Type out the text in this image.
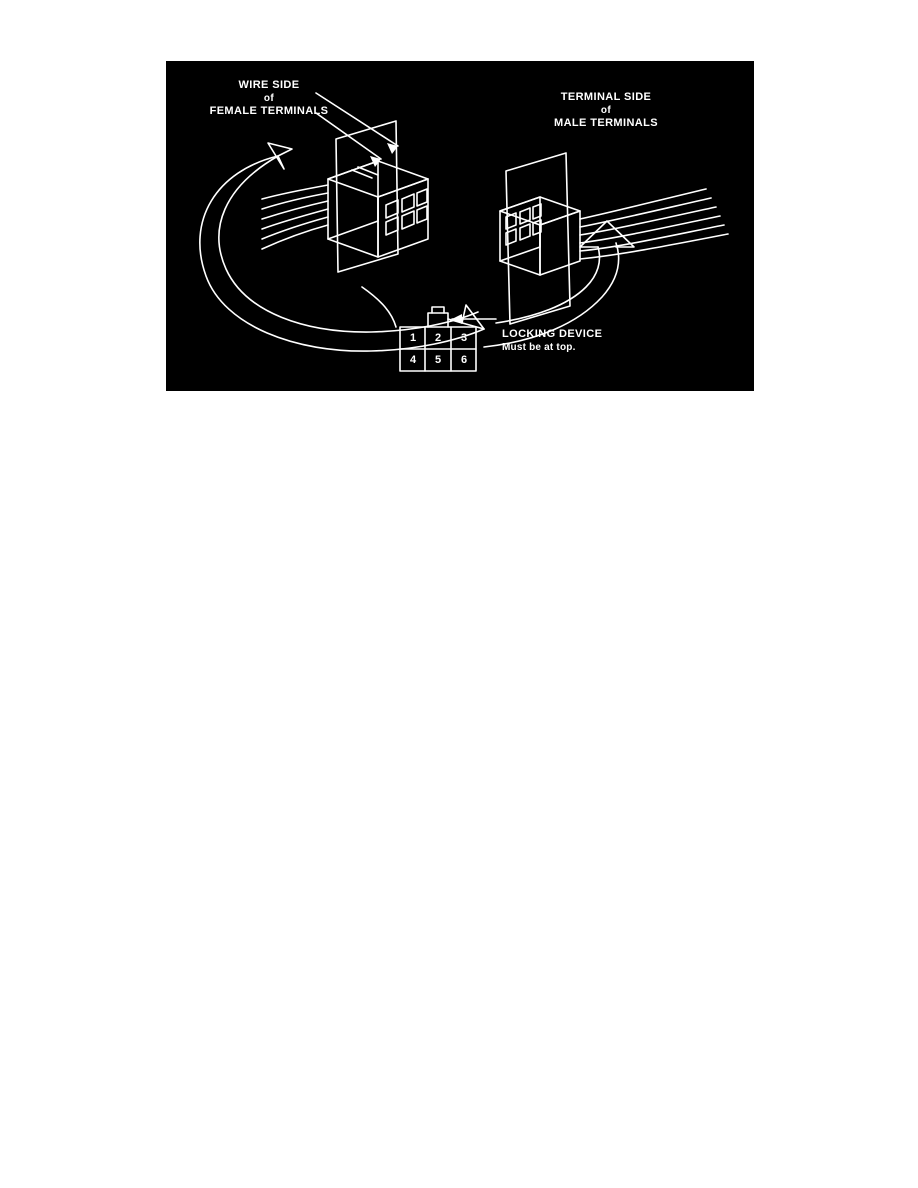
WIRE SIDE
of
FEMALE TERMINALS
TERMINAL SIDE
of
MALE TERMINALS
LOCKING DEVICE
Must be at top.
1	2	3
4	5	6
